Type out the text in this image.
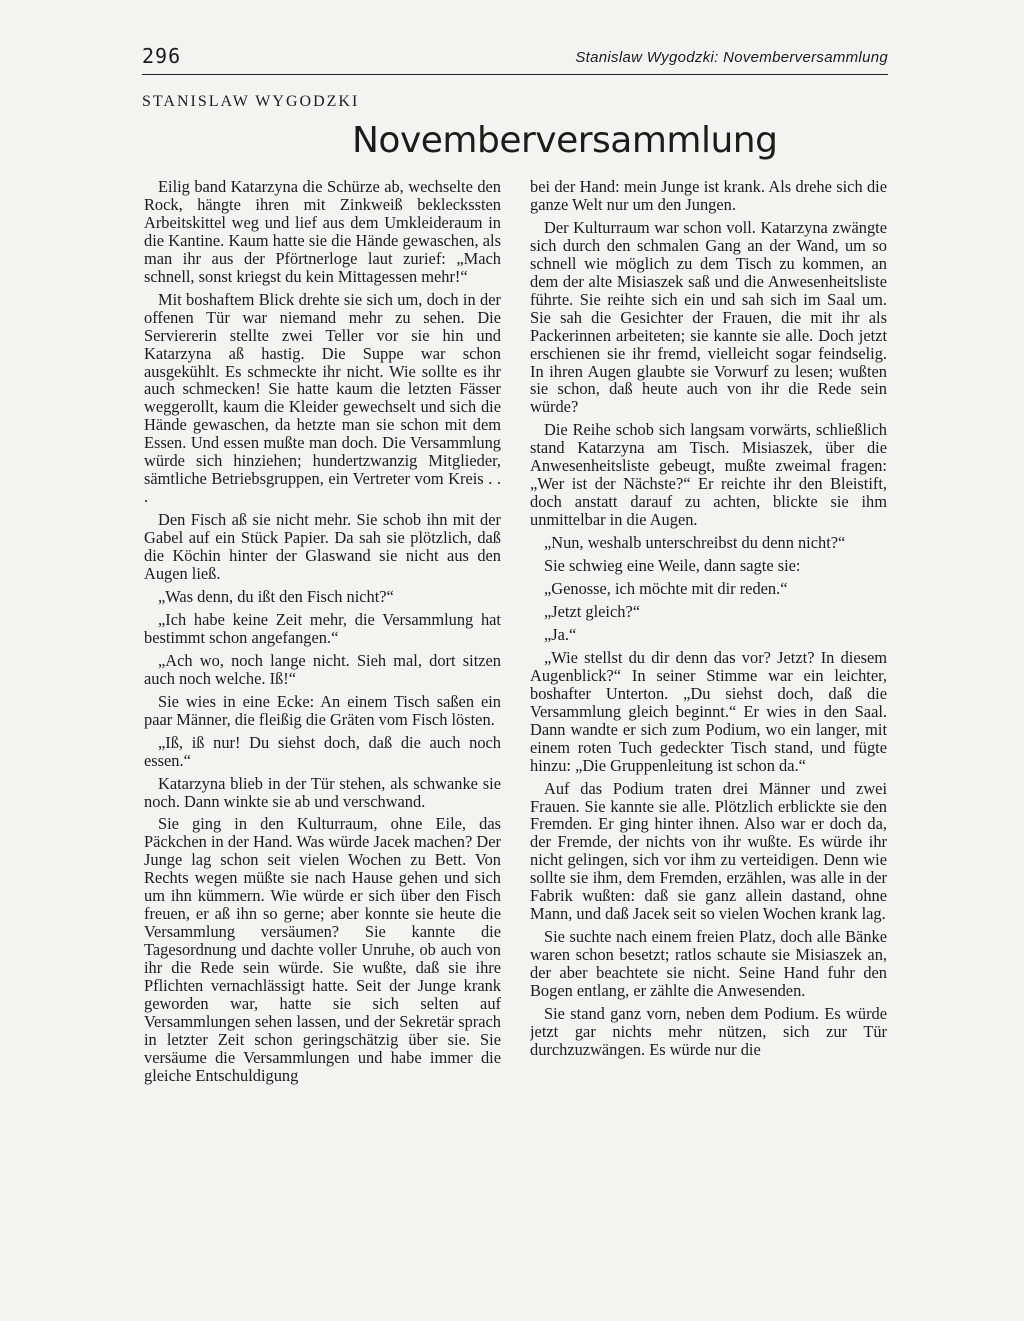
296	Stanislaw Wygodzki: Novemberversammlung
STANISLAW WYGODZKI
Novemberversammlung

Eilig band Katarzyna die Schürze ab, wechselte den Rock, hängte ihren mit Zinkweiß bekleckssten Arbeitskittel weg und lief aus dem Umkleideraum in die Kantine. Kaum hatte sie die Hände gewaschen, als man ihr aus der Pförtnerloge laut zurief: „Mach schnell, sonst kriegst du kein Mittagessen mehr!“

Mit boshaftem Blick drehte sie sich um, doch in der offenen Tür war niemand mehr zu sehen. Die Serviererin stellte zwei Teller vor sie hin und Katarzyna aß hastig. Die Suppe war schon ausgekühlt. Es schmeckte ihr nicht. Wie sollte es ihr auch schmecken! Sie hatte kaum die letzten Fässer weggerollt, kaum die Kleider gewechselt und sich die Hände gewaschen, da hetzte man sie schon mit dem Essen. Und essen mußte man doch. Die Versammlung würde sich hinziehen; hundertzwanzig Mitglieder, sämtliche Betriebsgruppen, ein Vertreter vom Kreis . . .

Den Fisch aß sie nicht mehr. Sie schob ihn mit der Gabel auf ein Stück Papier. Da sah sie plötzlich, daß die Köchin hinter der Glaswand sie nicht aus den Augen ließ.

„Was denn, du ißt den Fisch nicht?“

„Ich habe keine Zeit mehr, die Versammlung hat bestimmt schon angefangen.“

„Ach wo, noch lange nicht. Sieh mal, dort sitzen auch noch welche. Iß!“

Sie wies in eine Ecke: An einem Tisch saßen ein paar Männer, die fleißig die Gräten vom Fisch lösten.

„Iß, iß nur! Du siehst doch, daß die auch noch essen.“

Katarzyna blieb in der Tür stehen, als schwanke sie noch. Dann winkte sie ab und verschwand.

Sie ging in den Kulturraum, ohne Eile, das Päckchen in der Hand. Was würde Jacek machen? Der Junge lag schon seit vielen Wochen zu Bett. Von Rechts wegen müßte sie nach Hause gehen und sich um ihn kümmern. Wie würde er sich über den Fisch freuen, er aß ihn so gerne; aber konnte sie heute die Versammlung versäumen? Sie kannte die Tagesordnung und dachte voller Unruhe, ob auch von ihr die Rede sein würde. Sie wußte, daß sie ihre Pflichten vernachlässigt hatte. Seit der Junge krank geworden war, hatte sie sich selten auf Versammlungen sehen lassen, und der Sekretär sprach in letzter Zeit schon geringschätzig über sie. Sie versäume die Versammlungen und habe immer die gleiche Entschuldigung

bei der Hand: mein Junge ist krank. Als drehe sich die ganze Welt nur um den Jungen.

Der Kulturraum war schon voll. Katarzyna zwängte sich durch den schmalen Gang an der Wand, um so schnell wie möglich zu dem Tisch zu kommen, an dem der alte Misiaszek saß und die Anwesenheitsliste führte. Sie reihte sich ein und sah sich im Saal um. Sie sah die Gesichter der Frauen, die mit ihr als Packerinnen arbeiteten; sie kannte sie alle. Doch jetzt erschienen sie ihr fremd, vielleicht sogar feindselig. In ihren Augen glaubte sie Vorwurf zu lesen; wußten sie schon, daß heute auch von ihr die Rede sein würde?

Die Reihe schob sich langsam vorwärts, schließlich stand Katarzyna am Tisch. Misiaszek, über die Anwesenheitsliste gebeugt, mußte zweimal fragen: „Wer ist der Nächste?“ Er reichte ihr den Bleistift, doch anstatt darauf zu achten, blickte sie ihm unmittelbar in die Augen.

„Nun, weshalb unterschreibst du denn nicht?“

Sie schwieg eine Weile, dann sagte sie:

„Genosse, ich möchte mit dir reden.“

„Jetzt gleich?“

„Ja.“

„Wie stellst du dir denn das vor? Jetzt? In diesem Augenblick?“ In seiner Stimme war ein leichter, boshafter Unterton. „Du siehst doch, daß die Versammlung gleich beginnt.“ Er wies in den Saal. Dann wandte er sich zum Podium, wo ein langer, mit einem roten Tuch gedeckter Tisch stand, und fügte hinzu: „Die Gruppenleitung ist schon da.“

Auf das Podium traten drei Männer und zwei Frauen. Sie kannte sie alle. Plötzlich erblickte sie den Fremden. Er ging hinter ihnen. Also war er doch da, der Fremde, der nichts von ihr wußte. Es würde ihr nicht gelingen, sich vor ihm zu verteidigen. Denn wie sollte sie ihm, dem Fremden, erzählen, was alle in der Fabrik wußten: daß sie ganz allein dastand, ohne Mann, und daß Jacek seit so vielen Wochen krank lag.

Sie suchte nach einem freien Platz, doch alle Bänke waren schon besetzt; ratlos schaute sie Misiaszek an, der aber beachtete sie nicht. Seine Hand fuhr den Bogen entlang, er zählte die Anwesenden.

Sie stand ganz vorn, neben dem Podium. Es würde jetzt gar nichts mehr nützen, sich zur Tür durchzuzwängen. Es würde nur die
